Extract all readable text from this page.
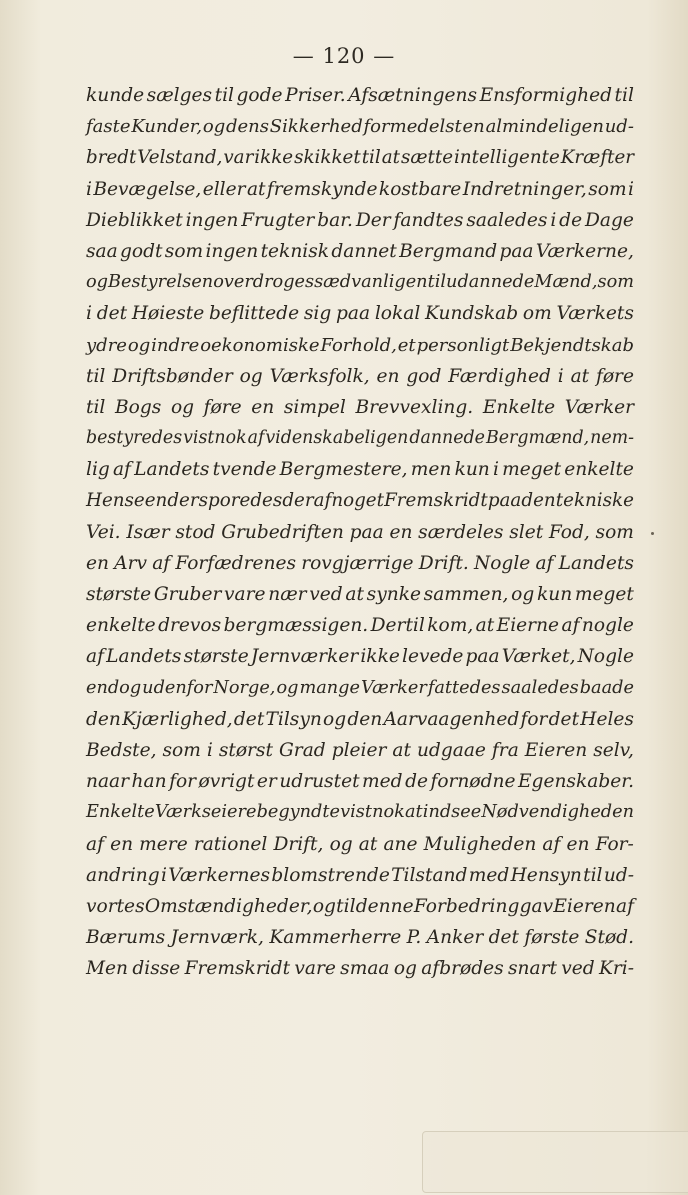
— 120 —
kunde sælges til gode Priser. Afsætningens Ensformighed til
faste Kunder, og dens Sikkerhed formedelst en almindeligen ud-
bredt Velstand, var ikke skikket til at sætte intelligente Kræfter
i Bevægelse, eller at fremskynde kostbare Indretninger, som i
Dieblikket ingen Frugter bar. Der fandtes saaledes i de Dage
saa godt som ingen teknisk dannet Bergmand paa Værkerne,
og Bestyrelsen overdroges sædvanligen til udannede Mænd, som
i det Høieste beflittede sig paa lokal Kundskab om Værkets
ydre og indre oekonomiske Forhold, et personligt Bekjendtskab
til Driftsbønder og Værksfolk, en god Færdighed i at føre
til Bogs og føre en simpel Brevvexling. Enkelte Værker
bestyredes vistnok af videnskabeligen dannede Bergmænd, nem-
lig af Landets tvende Bergmestere, men kun i meget enkelte
Henseender sporedes deraf noget Fremskridt paa den tekniske
Vei. Især stod Grubedriften paa en særdeles slet Fod, som
en Arv af Forfædrenes rovgjærrige Drift. Nogle af Landets
største Gruber vare nær ved at synke sammen, og kun meget
enkelte drevos bergmæssigen. Dertil kom, at Eierne af nogle
af Landets største Jernværker ikke levede paa Værket, Nogle
endog udenfor Norge, og mange Værker fattedes saaledes baade
den Kjærlighed, det Tilsyn og den Aarvaagenhed for det Heles
Bedste, som i størst Grad pleier at udgaae fra Eieren selv,
naar han for øvrigt er udrustet med de fornødne Egenskaber.
Enkelte Værkseiere begyndte vist nok at indsee Nødvendigheden
af en mere rationel Drift, og at ane Muligheden af en For-
andring i Værkernes blomstrende Tilstand med Hensyn til ud-
vortes Omstændigheder, og til denne Forbedring gav Eieren af
Bærums Jernværk, Kammerherre P. Anker det første Stød.
Men disse Fremskridt vare smaa og afbrødes snart ved Kri-
